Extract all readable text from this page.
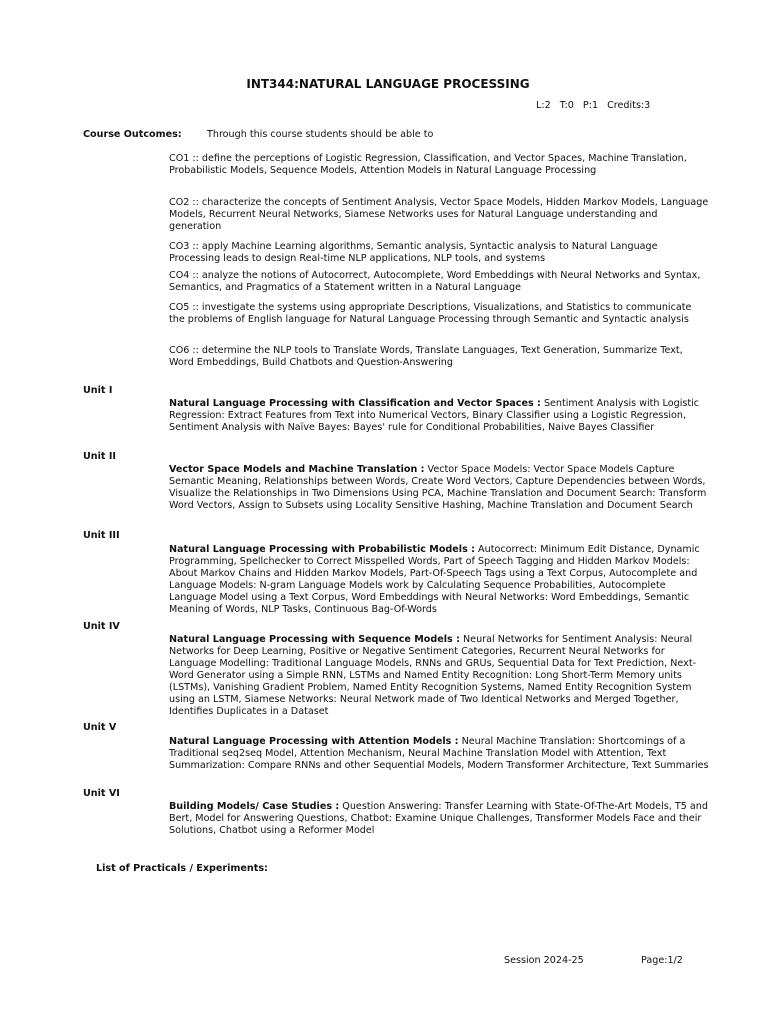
INT344:NATURAL LANGUAGE PROCESSING
L:2 T:0 P:1 Credits:3
Course Outcomes:	Through this course students should be able to
CO1 :: define the perceptions of Logistic Regression, Classification, and Vector Spaces, Machine Translation, Probabilistic Models, Sequence Models, Attention Models in Natural Language Processing
CO2 :: characterize the concepts of Sentiment Analysis, Vector Space Models, Hidden Markov Models, Language Models, Recurrent Neural Networks, Siamese Networks uses for Natural Language understanding and generation
CO3 :: apply Machine Learning algorithms, Semantic analysis, Syntactic analysis to Natural Language Processing leads to design Real-time NLP applications, NLP tools, and systems
CO4 :: analyze the notions of Autocorrect, Autocomplete, Word Embeddings with Neural Networks and Syntax, Semantics, and Pragmatics of a Statement written in a Natural Language
CO5 :: investigate the systems using appropriate Descriptions, Visualizations, and Statistics to communicate the problems of English language for Natural Language Processing through Semantic and Syntactic analysis
CO6 :: determine the NLP tools to Translate Words, Translate Languages, Text Generation, Summarize Text, Word Embeddings, Build Chatbots and Question-Answering
Unit I
Natural Language Processing with Classification and Vector Spaces : Sentiment Analysis with Logistic Regression: Extract Features from Text into Numerical Vectors, Binary Classifier using a Logistic Regression, Sentiment Analysis with Naïve Bayes: Bayes' rule for Conditional Probabilities, Naive Bayes Classifier
Unit II
Vector Space Models and Machine Translation : Vector Space Models: Vector Space Models Capture Semantic Meaning, Relationships between Words, Create Word Vectors, Capture Dependencies between Words, Visualize the Relationships in Two Dimensions Using PCA, Machine Translation and Document Search: Transform Word Vectors, Assign to Subsets using Locality Sensitive Hashing, Machine Translation and Document Search
Unit III
Natural Language Processing with Probabilistic Models : Autocorrect: Minimum Edit Distance, Dynamic Programming, Spellchecker to Correct Misspelled Words, Part of Speech Tagging and Hidden Markov Models: About Markov Chains and Hidden Markov Models, Part-Of-Speech Tags using a Text Corpus, Autocomplete and Language Models: N-gram Language Models work by Calculating Sequence Probabilities, Autocomplete Language Model using a Text Corpus, Word Embeddings with Neural Networks: Word Embeddings, Semantic Meaning of Words, NLP Tasks, Continuous Bag-Of-Words
Unit IV
Natural Language Processing with Sequence Models : Neural Networks for Sentiment Analysis: Neural Networks for Deep Learning, Positive or Negative Sentiment Categories, Recurrent Neural Networks for Language Modelling: Traditional Language Models, RNNs and GRUs, Sequential Data for Text Prediction, Next-Word Generator using a Simple RNN, LSTMs and Named Entity Recognition: Long Short-Term Memory units (LSTMs), Vanishing Gradient Problem, Named Entity Recognition Systems, Named Entity Recognition System using an LSTM, Siamese Networks: Neural Network made of Two Identical Networks and Merged Together, Identifies Duplicates in a Dataset
Unit V
Natural Language Processing with Attention Models : Neural Machine Translation: Shortcomings of a Traditional seq2seq Model, Attention Mechanism, Neural Machine Translation Model with Attention, Text Summarization: Compare RNNs and other Sequential Models, Modern Transformer Architecture, Text Summaries
Unit VI
Building Models/ Case Studies : Question Answering: Transfer Learning with State-Of-The-Art Models, T5 and Bert, Model for Answering Questions, Chatbot: Examine Unique Challenges, Transformer Models Face and their Solutions, Chatbot using a Reformer Model
List of Practicals / Experiments:
Session 2024-25	Page:1/2
